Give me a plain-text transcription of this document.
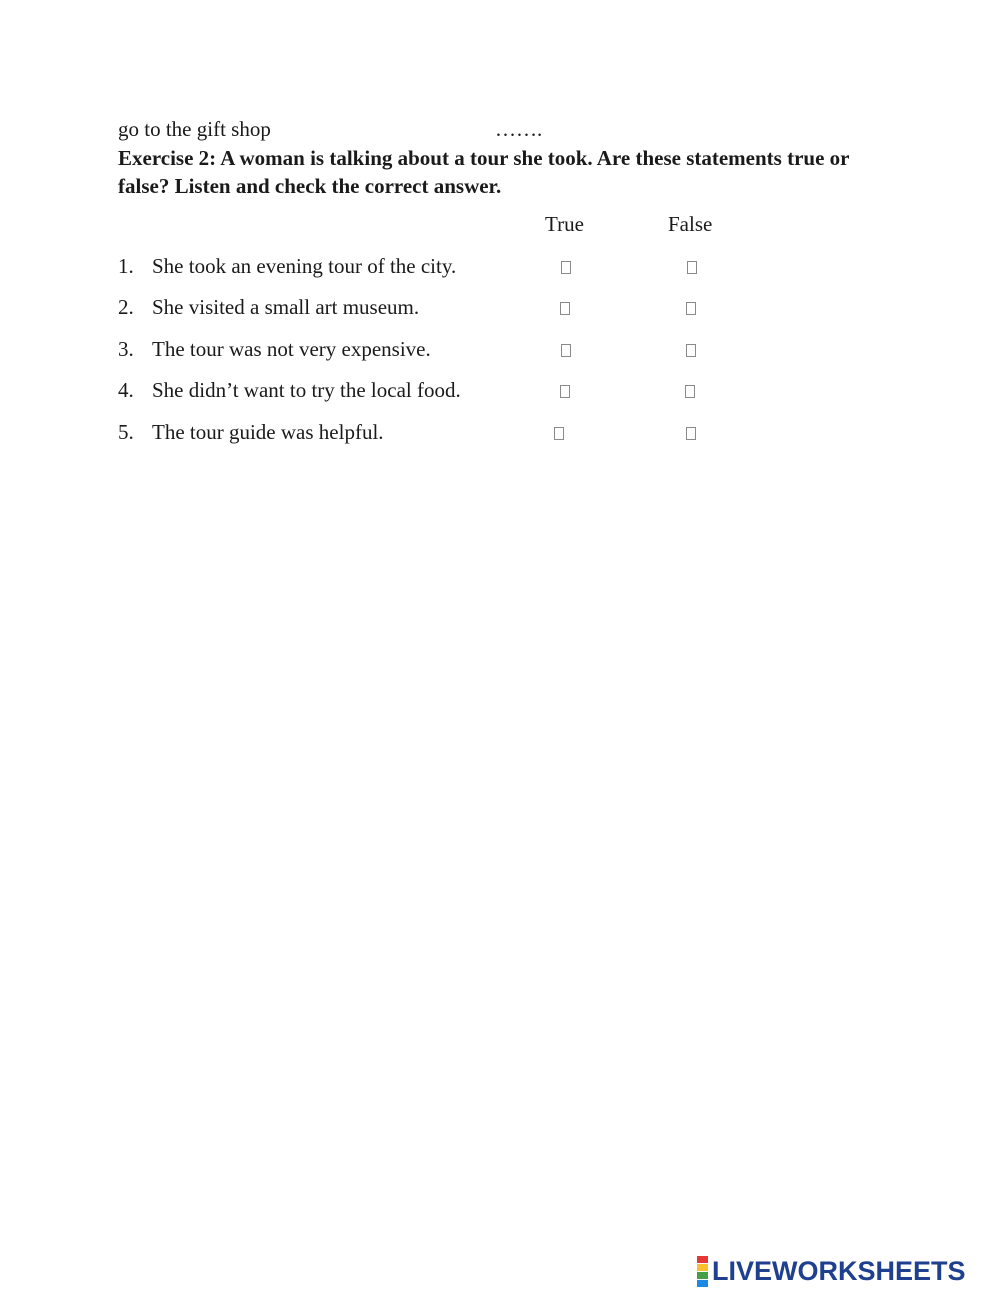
go to the gift shop	…….
Exercise 2: A woman is talking about a tour she took. Are these statements true or false? Listen and check the correct answer.
True	False
1. She took an evening tour of the city.
2. She visited a small art museum.
3. The tour was not very expensive.
4. She didn’t want to try the local food.
5. The tour guide was helpful.
LIVEWORKSHEETS
